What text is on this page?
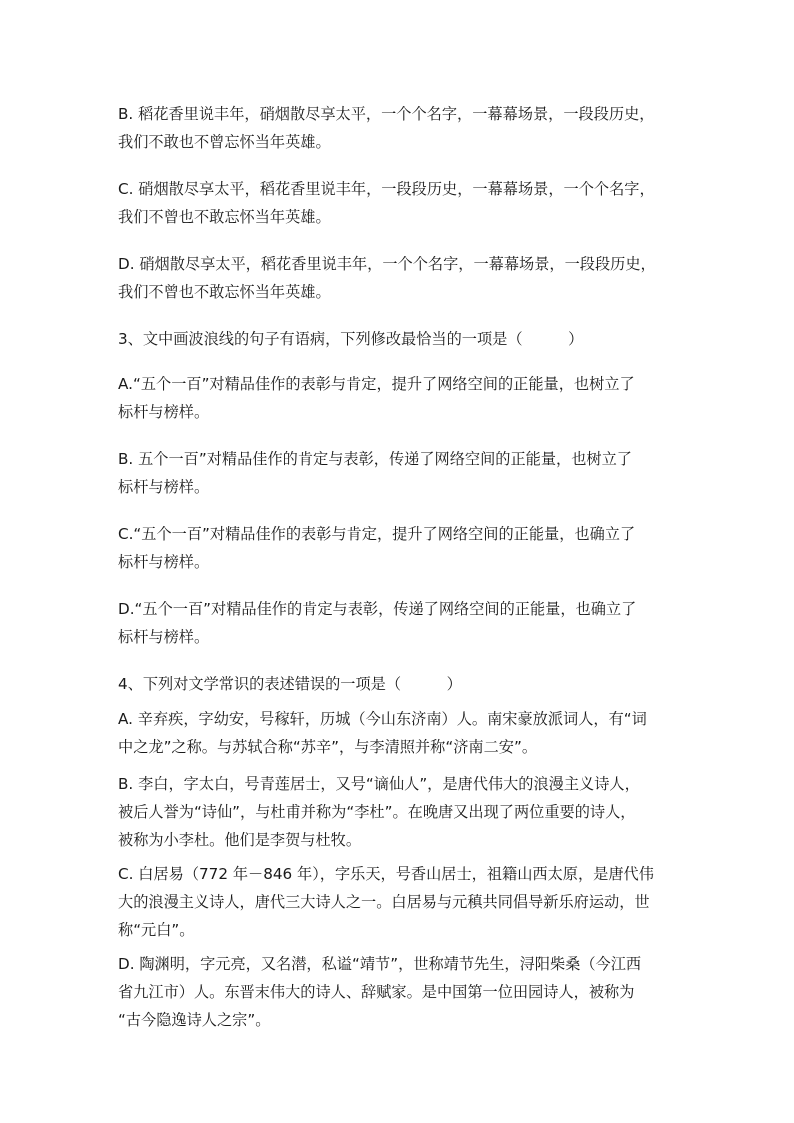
B. 稻花香里说丰年，硝烟散尽享太平，一个个名字，一幕幕场景，一段段历史，
我们不敢也不曾忘怀当年英雄。
C. 硝烟散尽享太平，稻花香里说丰年，一段段历史，一幕幕场景，一个个名字，
我们不曾也不敢忘怀当年英雄。
D. 硝烟散尽享太平，稻花香里说丰年，一个个名字，一幕幕场景，一段段历史，
我们不曾也不敢忘怀当年英雄。
3、文中画波浪线的句子有语病，下列修改最恰当的一项是（　　　）
A.“五个一百”对精品佳作的表彰与肯定，提升了网络空间的正能量，也树立了
标杆与榜样。
B. 五个一百”对精品佳作的肯定与表彰，传递了网络空间的正能量，也树立了
标杆与榜样。
C.“五个一百”对精品佳作的表彰与肯定，提升了网络空间的正能量，也确立了
标杆与榜样。
D.“五个一百”对精品佳作的肯定与表彰，传递了网络空间的正能量，也确立了
标杆与榜样。
4、下列对文学常识的表述错误的一项是（　　　）
A. 辛弃疾，字幼安，号稼轩，历城（今山东济南）人。南宋豪放派词人，有“词
中之龙”之称。与苏轼合称“苏辛”，与李清照并称“济南二安”。
B. 李白，字太白，号青莲居士，又号“谪仙人”，是唐代伟大的浪漫主义诗人，
被后人誉为“诗仙”，与杜甫并称为“李杜”。在晚唐又出现了两位重要的诗人，
被称为小李杜。他们是李贺与杜牧。
C. 白居易（772 年－846 年），字乐天，号香山居士，祖籍山西太原，是唐代伟
大的浪漫主义诗人，唐代三大诗人之一。白居易与元稹共同倡导新乐府运动，世
称“元白”。
D. 陶渊明，字元亮，又名潜，私谥“靖节”，世称靖节先生，浔阳柴桑（今江西
省九江市）人。东晋末伟大的诗人、辞赋家。是中国第一位田园诗人，被称为
“古今隐逸诗人之宗”。
